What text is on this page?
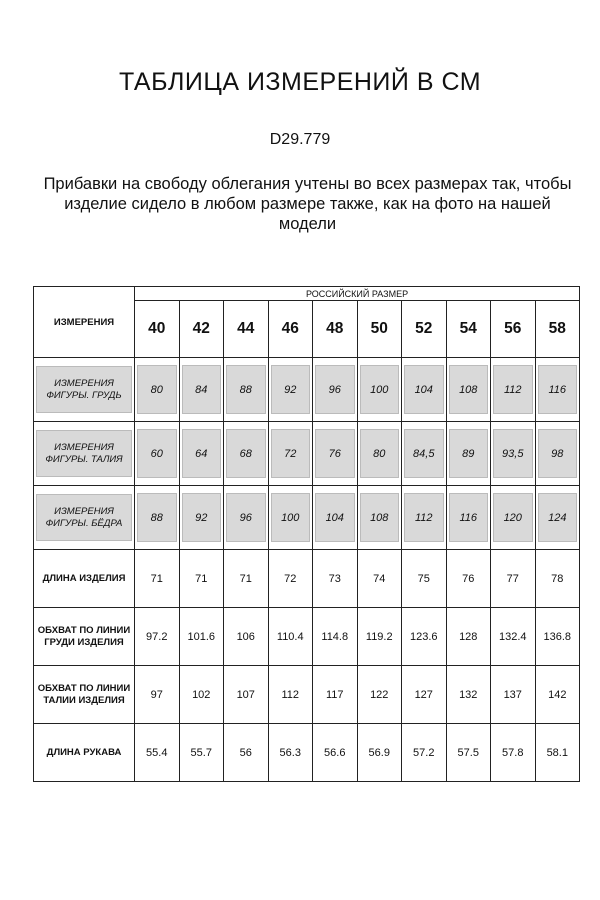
ТАБЛИЦА ИЗМЕРЕНИЙ В СМ
D29.779
Прибавки на свободу облегания учтены во всех размерах так, чтобы изделие сидело в любом размере также, как на фото на нашей модели
ИЗМЕРЕНИЯ	РОССИЙСКИЙ РАЗМЕР									
	40	42	44	46	48	50	52	54	56	58

ИЗМЕРЕНИЯ ФИГУРЫ. ГРУДЬ	80	84	88	92	96	100	104	108	112	116

ИЗМЕРЕНИЯ ФИГУРЫ. ТАЛИЯ	60	64	68	72	76	80	84,5	89	93,5	98

ИЗМЕРЕНИЯ ФИГУРЫ. БЁДРА	88	92	96	100	104	108	112	116	120	124

ДЛИНА ИЗДЕЛИЯ	71	71	71	72	73	74	75	76	77	78
ОБХВАТ ПО ЛИНИИ ГРУДИ ИЗДЕЛИЯ	97.2	101.6	106	110.4	114.8	119.2	123.6	128	132.4	136.8
ОБХВАТ ПО ЛИНИИ ТАЛИИ ИЗДЕЛИЯ	97	102	107	112	117	122	127	132	137	142
ДЛИНА РУКАВА	55.4	55.7	56	56.3	56.6	56.9	57.2	57.5	57.8	58.1
